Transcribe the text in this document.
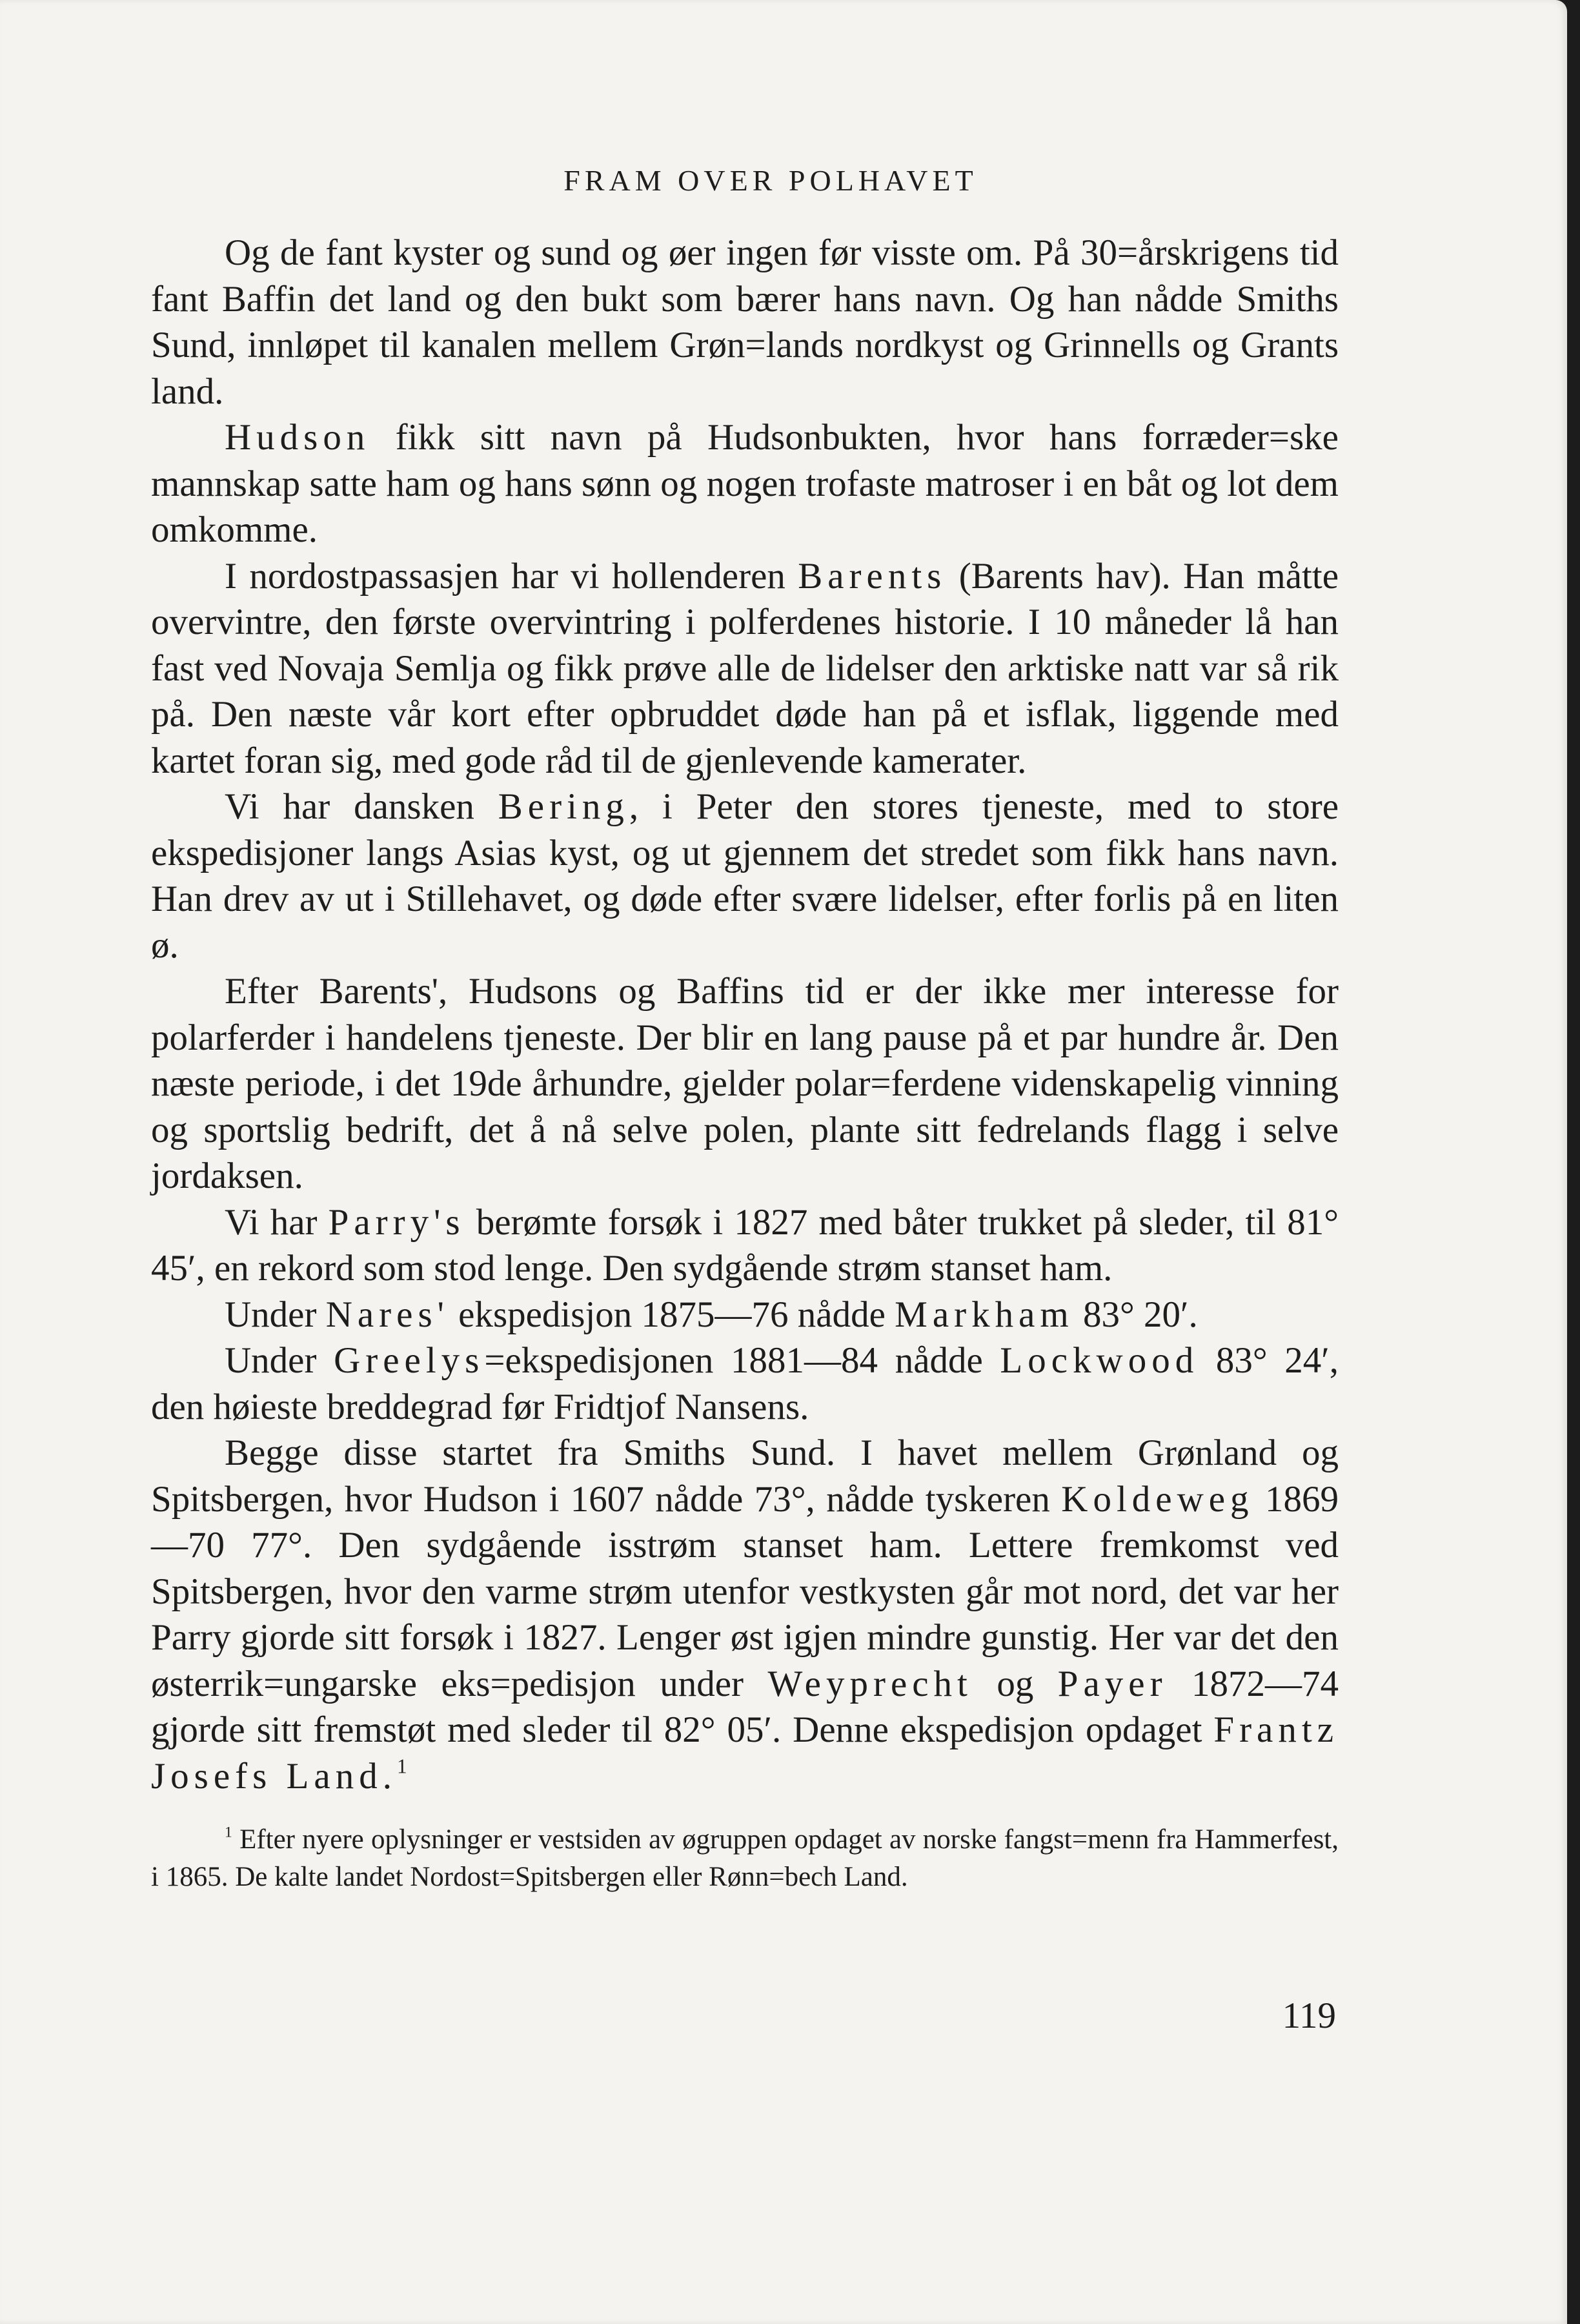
FRAM OVER POLHAVET

Og de fant kyster og sund og øer ingen før visste om. På 30=årskrigens tid fant Baffin det land og den bukt som bærer hans navn. Og han nådde Smiths Sund, innløpet til kanalen mellem Grøn=lands nordkyst og Grinnells og Grants land.

Hudson fikk sitt navn på Hudsonbukten, hvor hans forræder=ske mannskap satte ham og hans sønn og nogen trofaste matroser i en båt og lot dem omkomme.

I nordostpassasjen har vi hollenderen Barents (Barents hav). Han måtte overvintre, den første overvintring i polferdenes historie. I 10 måneder lå han fast ved Novaja Semlja og fikk prøve alle de lidelser den arktiske natt var så rik på. Den næste vår kort efter opbruddet døde han på et isflak, liggende med kartet foran sig, med gode råd til de gjenlevende kamerater.

Vi har dansken Bering, i Peter den stores tjeneste, med to store ekspedisjoner langs Asias kyst, og ut gjennem det stredet som fikk hans navn. Han drev av ut i Stillehavet, og døde efter svære lidelser, efter forlis på en liten ø.

Efter Barents', Hudsons og Baffins tid er der ikke mer interesse for polarferder i handelens tjeneste. Der blir en lang pause på et par hundre år. Den næste periode, i det 19de århundre, gjelder polar=ferdene videnskapelig vinning og sportslig bedrift, det å nå selve polen, plante sitt fedrelands flagg i selve jordaksen.

Vi har Parry's berømte forsøk i 1827 med båter trukket på sleder, til 81° 45′, en rekord som stod lenge. Den sydgående strøm stanset ham.

Under Nares' ekspedisjon 1875—76 nådde Markham 83° 20′.

Under Greelys=ekspedisjonen 1881—84 nådde Lockwood 83° 24′, den høieste breddegrad før Fridtjof Nansens.

Begge disse startet fra Smiths Sund. I havet mellem Grønland og Spitsbergen, hvor Hudson i 1607 nådde 73°, nådde tyskeren Koldeweg 1869—70 77°. Den sydgående isstrøm stanset ham. Lettere fremkomst ved Spitsbergen, hvor den varme strøm utenfor vestkysten går mot nord, det var her Parry gjorde sitt forsøk i 1827. Lenger øst igjen mindre gunstig. Her var det den østerrik=ungarske eks=pedisjon under Weyprecht og Payer 1872—74 gjorde sitt fremstøt med sleder til 82° 05′. Denne ekspedisjon opdaget Frantz Josefs Land.$^1$

$^1$ Efter nyere oplysninger er vestsiden av øgruppen opdaget av norske fangst=menn fra Hammerfest, i 1865. De kalte landet Nordost=Spitsbergen eller Rønn=bech Land.
119
